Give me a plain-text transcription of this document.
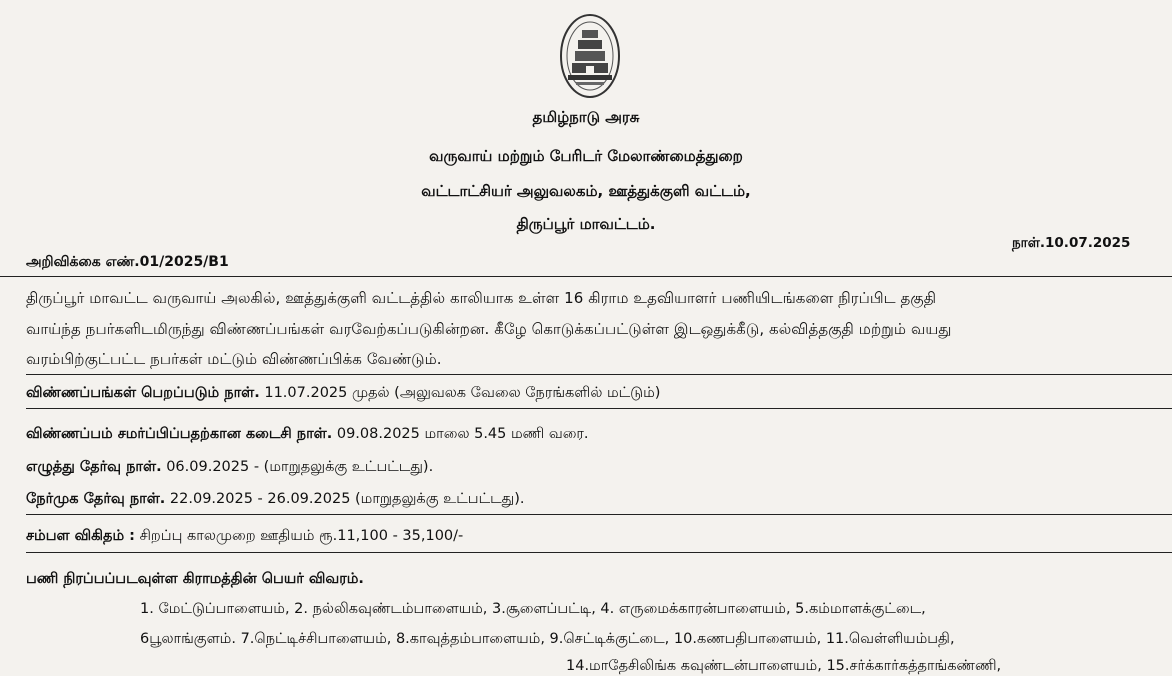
தமிழ்நாடு அரசு
வருவாய் மற்றும் பேரிடர் மேலாண்மைத்துறை
வட்டாட்சியர் அலுவலகம், ஊத்துக்குளி வட்டம்,
திருப்பூர் மாவட்டம்.
நாள்.10.07.2025
அறிவிக்கை எண்.01/2025/B1
திருப்பூர் மாவட்ட வருவாய் அலகில், ஊத்துக்குளி வட்டத்தில் காலியாக உள்ள 16 கிராம உதவியாளர் பணியிடங்களை நிரப்பிட தகுதி
வாய்ந்த நபர்களிடமிருந்து விண்ணப்பங்கள் வரவேற்கப்படுகின்றன. கீழே கொடுக்கப்பட்டுள்ள இடஒதுக்கீடு, கல்வித்தகுதி மற்றும் வயது
வரம்பிற்குட்பட்ட நபர்கள் மட்டும் விண்ணப்பிக்க வேண்டும்.
விண்ணப்பங்கள் பெறப்படும் நாள். 11.07.2025 முதல் (அலுவலக வேலை நேரங்களில் மட்டும்)
விண்ணப்பம் சமர்ப்பிப்பதற்கான கடைசி நாள். 09.08.2025 மாலை 5.45 மணி வரை.
எழுத்து தேர்வு நாள். 06.09.2025 - (மாறுதலுக்கு உட்பட்டது).
நேர்முக தேர்வு நாள். 22.09.2025 - 26.09.2025 (மாறுதலுக்கு உட்பட்டது).
சம்பள விகிதம் : சிறப்பு காலமுறை ஊதியம் ரூ.11,100 - 35,100/-
பணி நிரப்பப்படவுள்ள கிராமத்தின் பெயர் விவரம்.
1. மேட்டுப்பாளையம், 2. நல்லிகவுண்டம்பாளையம், 3.சூளைப்பட்டி, 4. எருமைக்காரன்பாளையம், 5.கம்மாளக்குட்டை,
6பூலாங்குளம். 7.நெட்டிச்சிபாளையம், 8.காவுத்தம்பாளையம், 9.செட்டிக்குட்டை, 10.கணபதிபாளையம், 11.வெள்ளியம்பதி,
14.மாதேசிலிங்க கவுண்டன்பாளையம், 15.சர்க்கார்கத்தாங்கண்ணி,
